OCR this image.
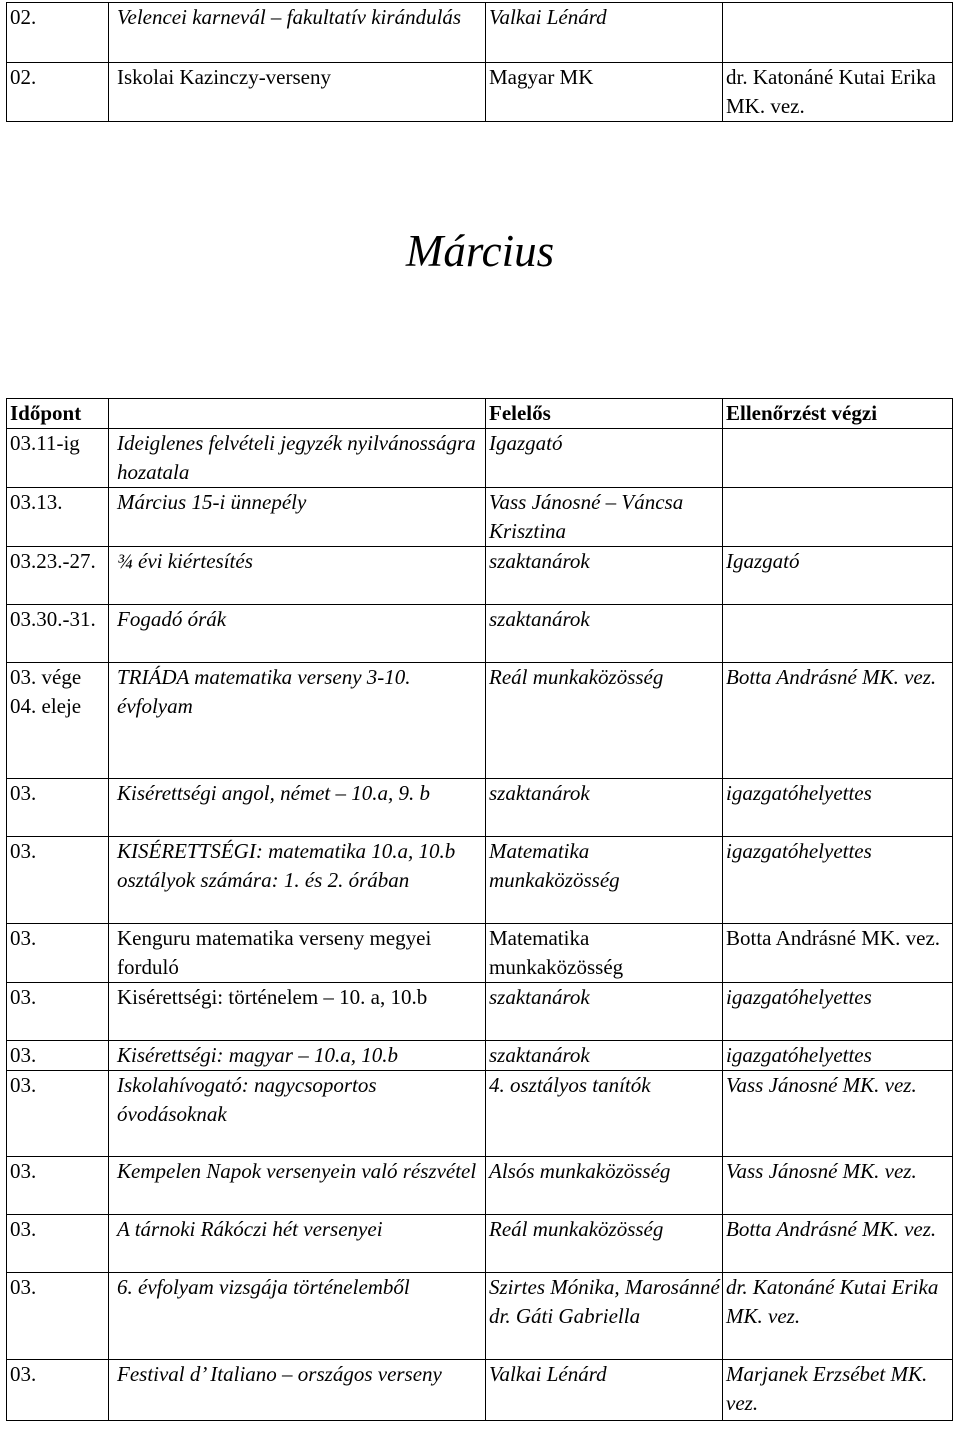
02.	Velencei karnevál – fakultatív kirándulás	Valkai Lénárd	
02.	Iskolai Kazinczy-verseny	Magyar MK	dr. Katonáné Kutai Erika MK. vez.
Március
Időpont		Felelős	Ellenőrzést végzi
03.11-ig	Ideiglenes felvételi jegyzék nyilvánosságra hozatala	Igazgató	
03.13.	Március 15-i ünnepély	Vass Jánosné – Váncsa Krisztina	
03.23.-27.	¾ évi kiértesítés	szaktanárok	Igazgató
03.30.-31.	Fogadó órák	szaktanárok	
03. vége 04. eleje	TRIÁDA matematika verseny 3-10. évfolyam	Reál munkaközösség	Botta Andrásné MK. vez.
03.	Kisérettségi angol, német – 10.a, 9. b	szaktanárok	igazgatóhelyettes
03.	KISÉRETTSÉGI: matematika 10.a, 10.b osztályok számára: 1. és 2. órában	Matematika munkaközösség	igazgatóhelyettes
03.	Kenguru matematika verseny megyei forduló	Matematika munkaközösség	Botta Andrásné MK. vez.
03.	Kisérettségi: történelem – 10. a, 10.b	szaktanárok	igazgatóhelyettes
03.	Kisérettségi: magyar – 10.a, 10.b	szaktanárok	igazgatóhelyettes
03.	Iskolahívogató: nagycsoportos óvodásoknak	4. osztályos tanítók	Vass Jánosné MK. vez.
03.	Kempelen Napok versenyein való részvétel	Alsós munkaközösség	Vass Jánosné MK. vez.
03.	A tárnoki Rákóczi hét versenyei	Reál munkaközösség	Botta Andrásné MK. vez.
03.	6. évfolyam vizsgája történelemből	Szirtes Mónika, Marosánné dr. Gáti Gabriella	dr. Katonáné Kutai Erika MK. vez.
03.	Festival d’ Italiano – országos verseny	Valkai Lénárd	Marjanek Erzsébet MK. vez.
